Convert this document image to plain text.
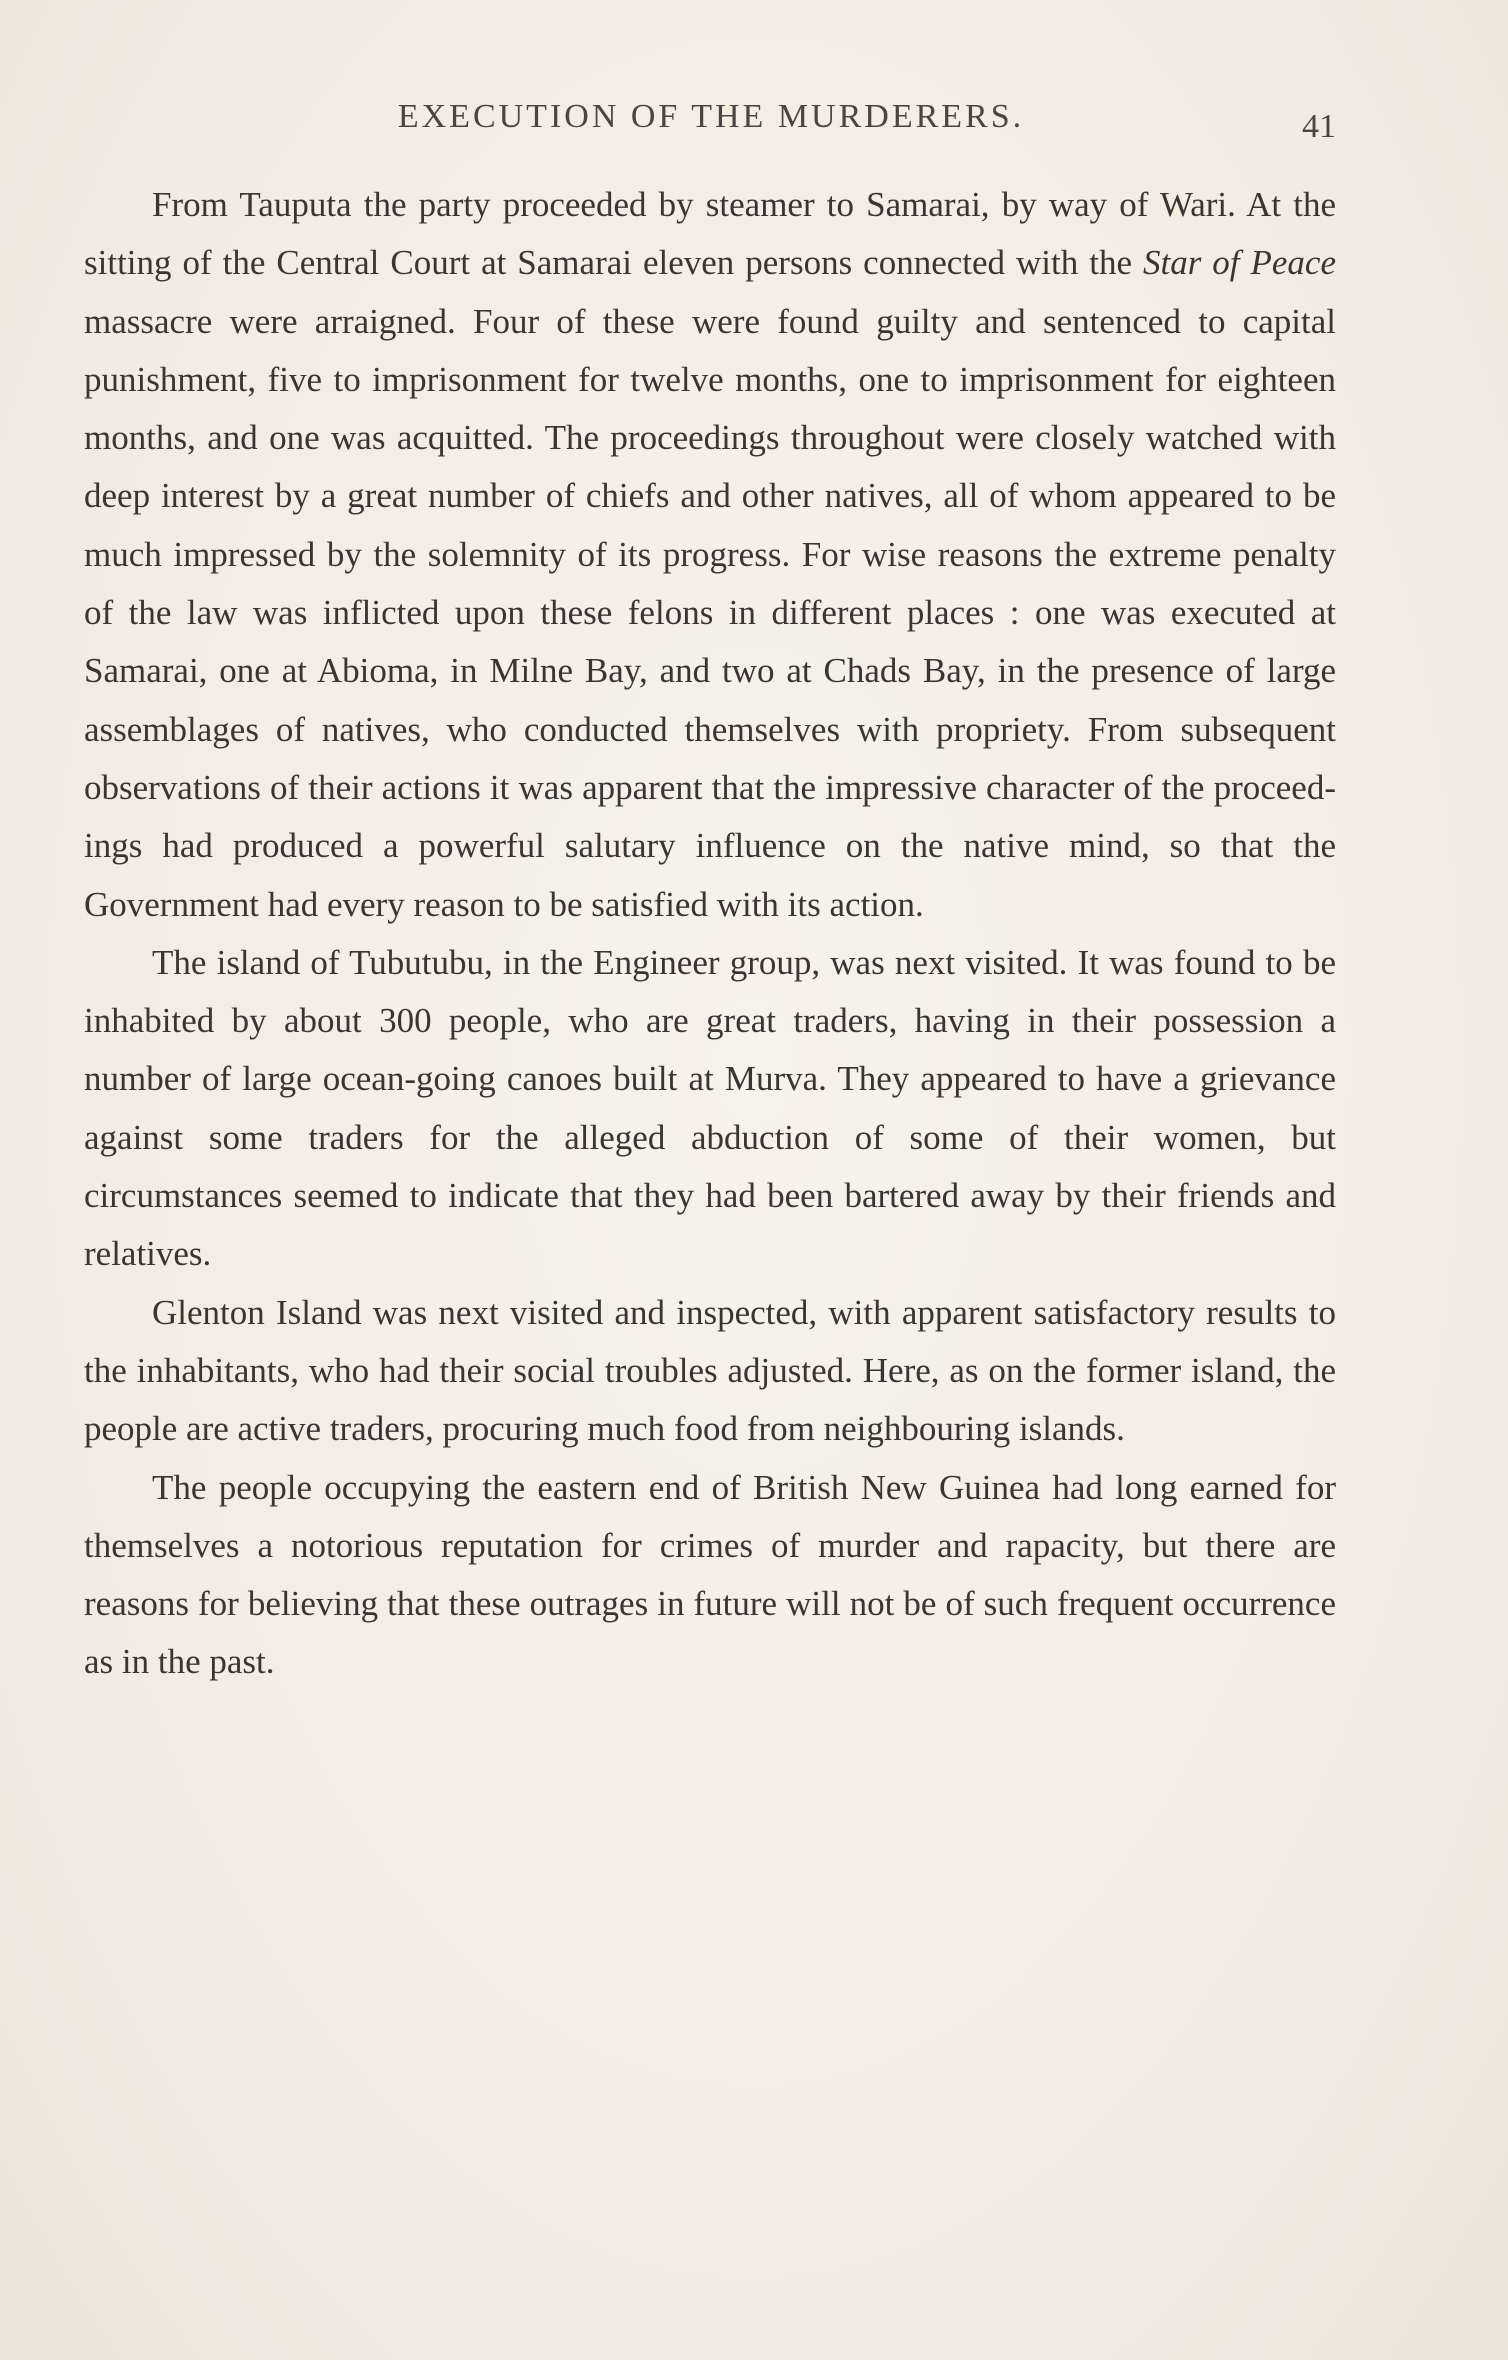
EXECUTION OF THE MURDERERS.	41

From Tauputa the party proceeded by steamer to Samarai, by way of Wari. At the sitting of the Central Court at Samarai eleven persons connected with the Star of Peace massacre were arraigned. Four of these were found guilty and sentenced to capital punishment, five to imprisonment for twelve months, one to imprisonment for eighteen months, and one was acquitted. The proceedings throughout were closely watched with deep interest by a great number of chiefs and other natives, all of whom appeared to be much impressed by the solemnity of its progress. For wise reasons the extreme penalty of the law was inflicted upon these felons in different places : one was executed at Samarai, one at Abioma, in Milne Bay, and two at Chads Bay, in the presence of large assemblages of natives, who conducted themselves with propriety. From subsequent observations of their actions it was apparent that the impressive character of the proceedings had produced a powerful salutary influence on the native mind, so that the Government had every reason to be satisfied with its action.

The island of Tubutubu, in the Engineer group, was next visited. It was found to be inhabited by about 300 people, who are great traders, having in their possession a number of large ocean-going canoes built at Murva. They appeared to have a grievance against some traders for the alleged abduction of some of their women, but circumstances seemed to indicate that they had been bartered away by their friends and relatives.

Glenton Island was next visited and inspected, with apparent satisfactory results to the inhabitants, who had their social troubles adjusted. Here, as on the former island, the people are active traders, procuring much food from neighbouring islands.

The people occupying the eastern end of British New Guinea had long earned for themselves a notorious reputation for crimes of murder and rapacity, but there are reasons for believing that these outrages in future will not be of such frequent occurrence as in the past.
